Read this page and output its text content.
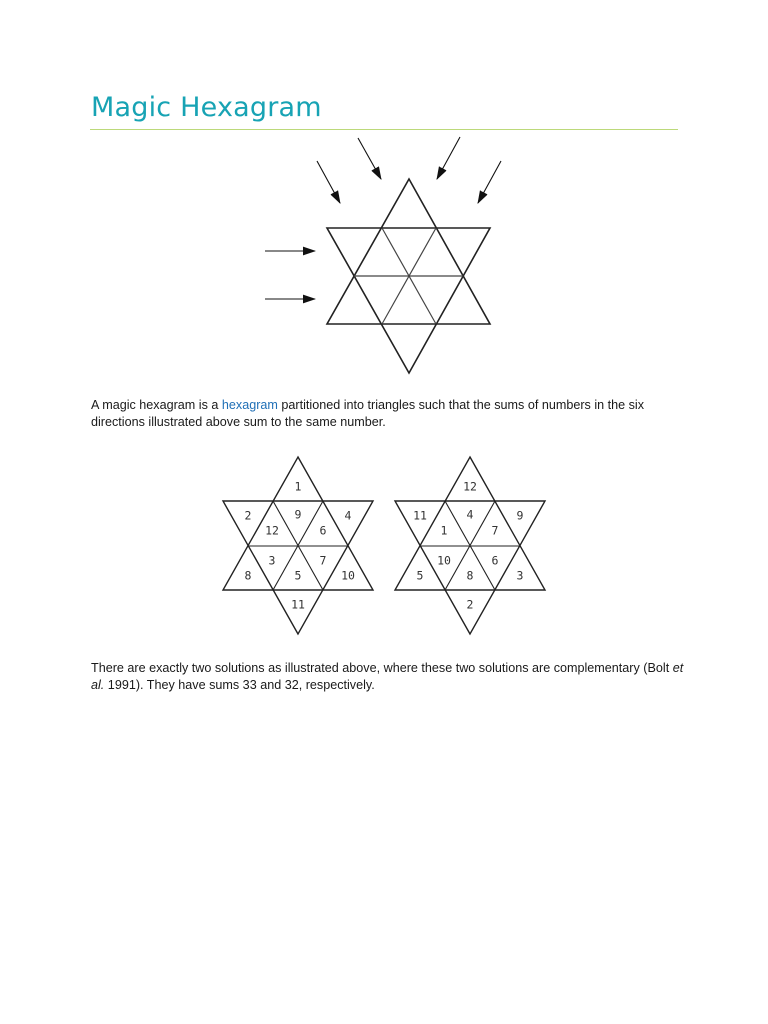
Magic Hexagram
1
2	4
12
9
6
3
5
7
8	10
11
12
11	9
1
4
7
10
8
6
5	3
2

A magic hexagram is a hexagram partitioned into triangles such that the sums of numbers in the six directions illustrated above sum to the same number.

There are exactly two solutions as illustrated above, where these two solutions are complementary (Bolt et al. 1991). They have sums 33 and 32, respectively.
